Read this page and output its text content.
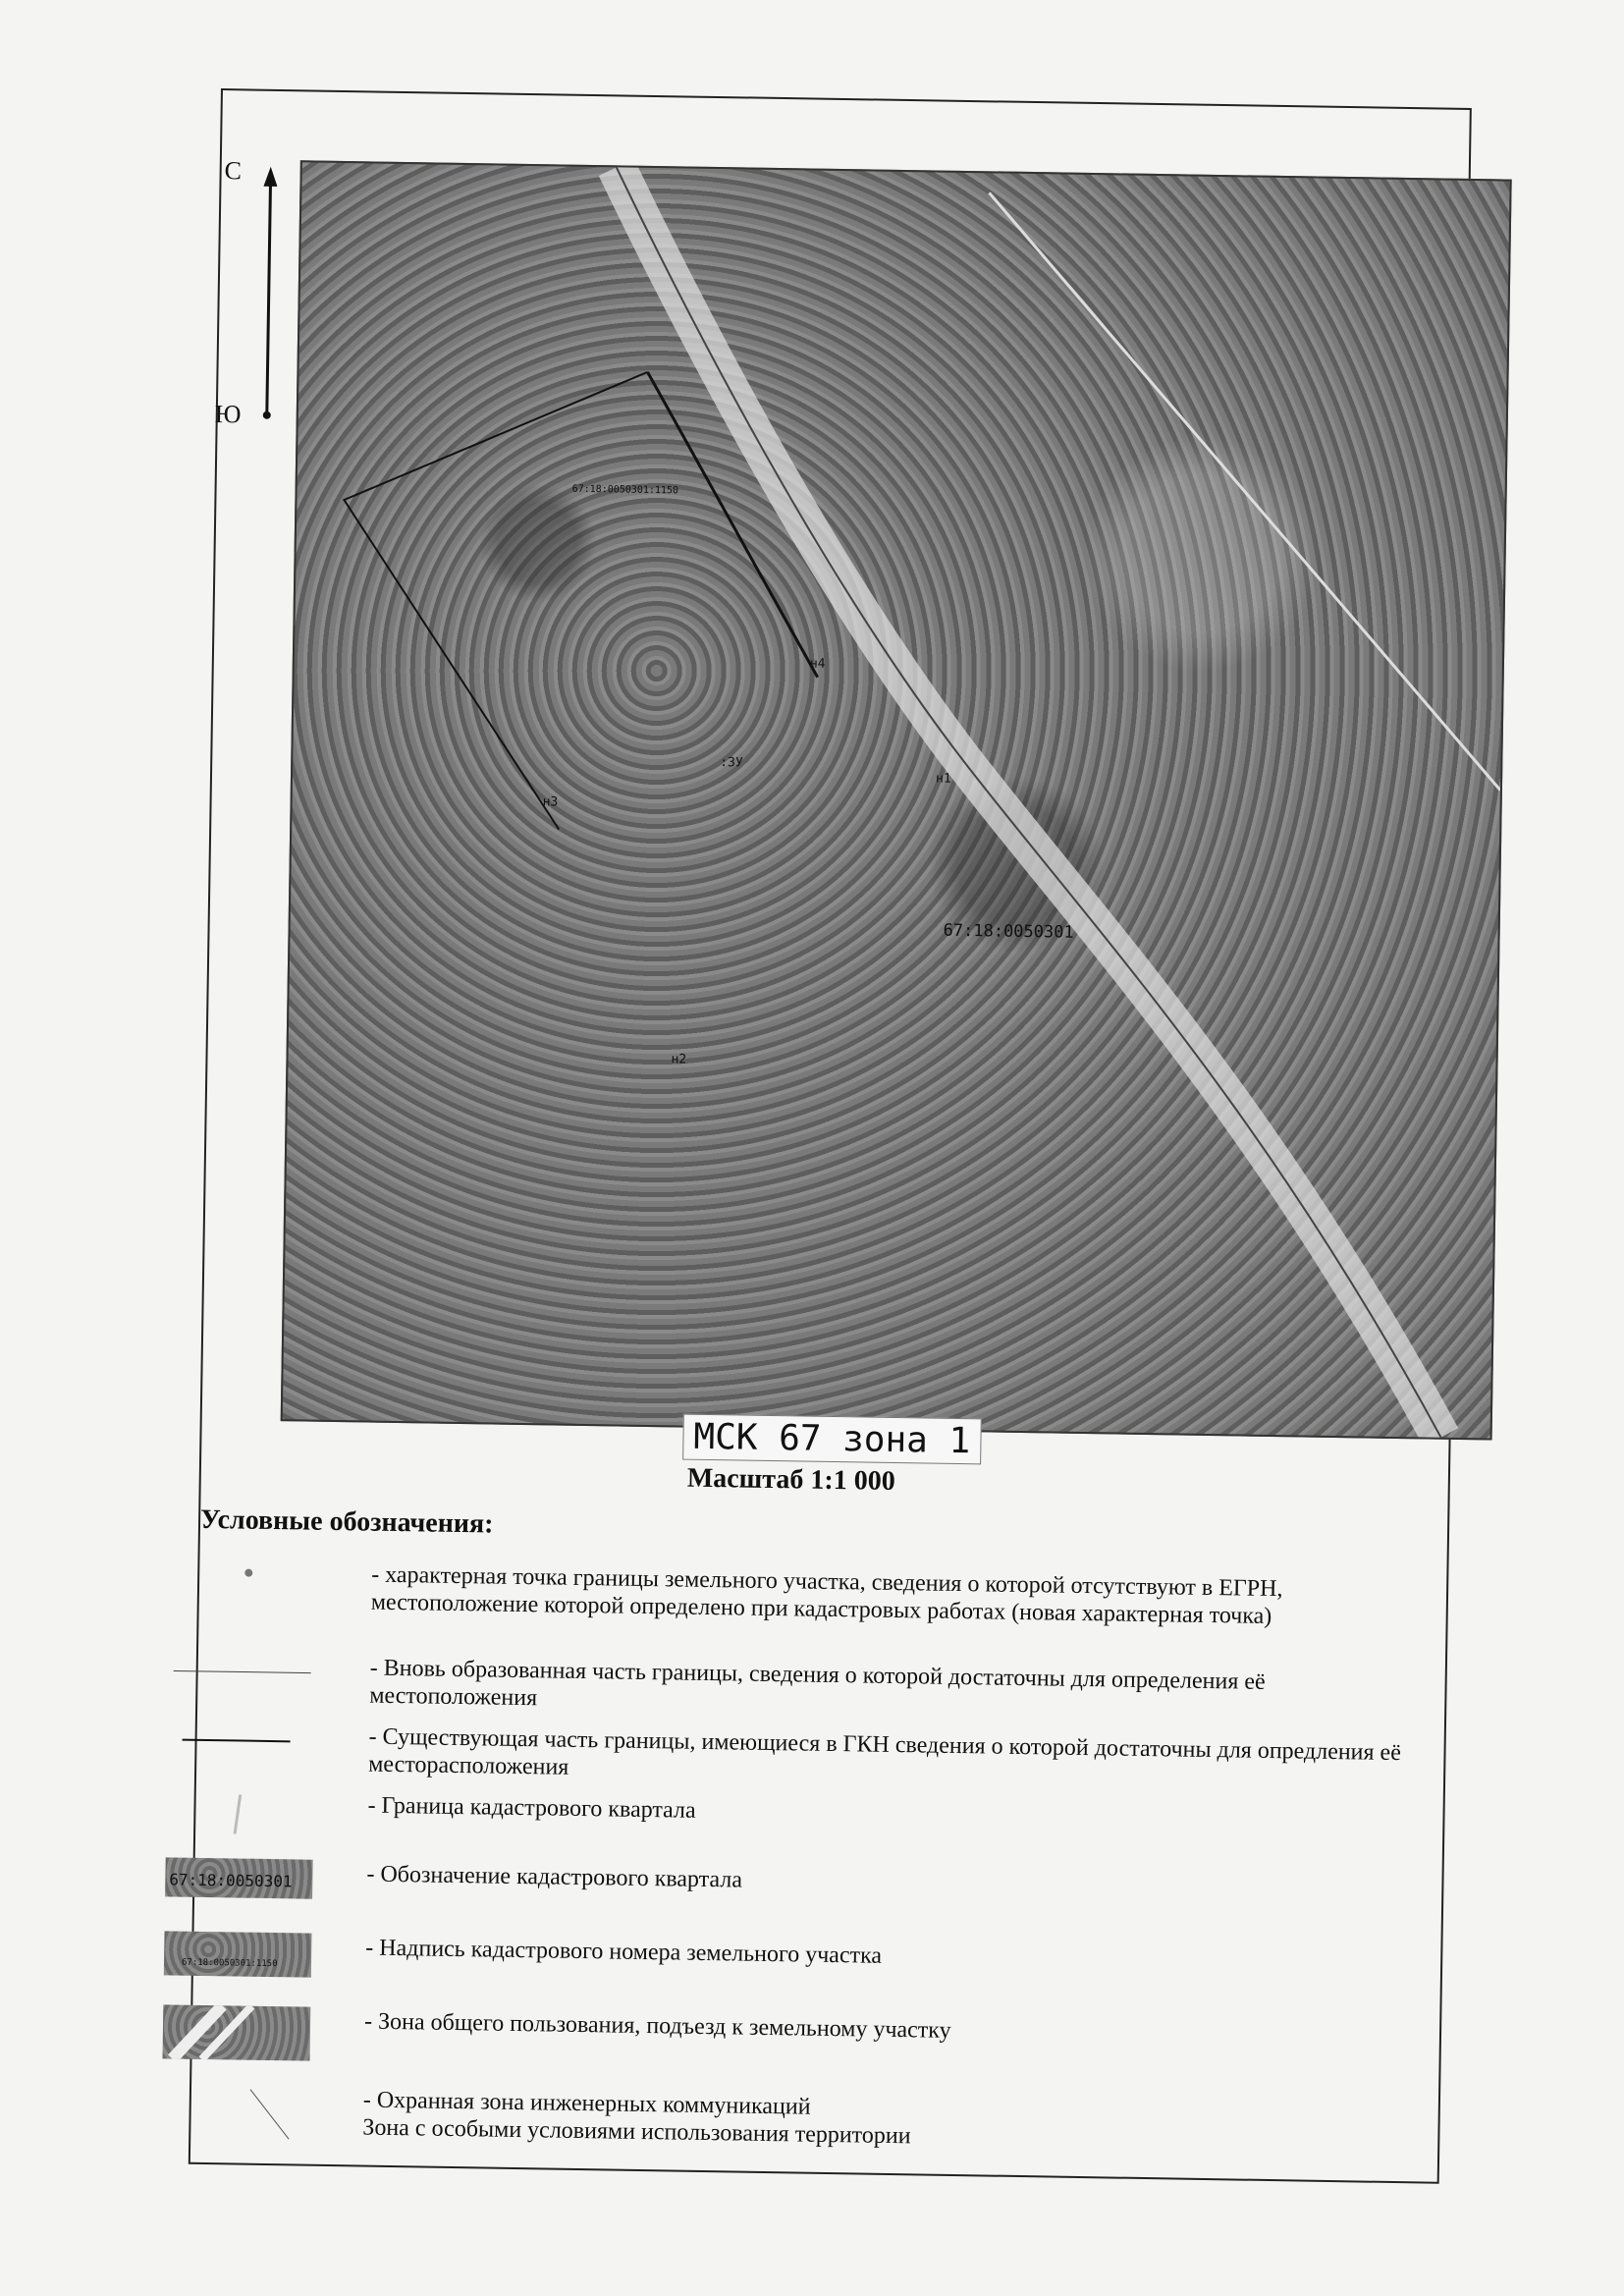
С
Ю
67:18:0050301:1150
н4
:ЗУ
н3
н1
67:18:0050301
н2
МСК 67 зона 1
Масштаб 1:1 000
Условные обозначения:
- характерная точка границы земельного участка, сведения о которой отсутствуют в ЕГРН, местоположение которой определено при кадастровых работах (новая характерная точка)
- Вновь образованная часть границы, сведения о которой достаточны для определения её местоположения
- Существующая часть границы, имеющиеся в ГКН сведения о которой достаточны для опредления её месторасположения
- Граница кадастрового квартала
67:18:0050301	- Обозначение кадастрового квартала
67:18:0050301:1150	- Надпись кадастрового номера земельного участка
- Зона общего пользования, подъезд к земельному участку
- Охранная зона инженерных коммуникаций
Зона с особыми условиями использования территории
